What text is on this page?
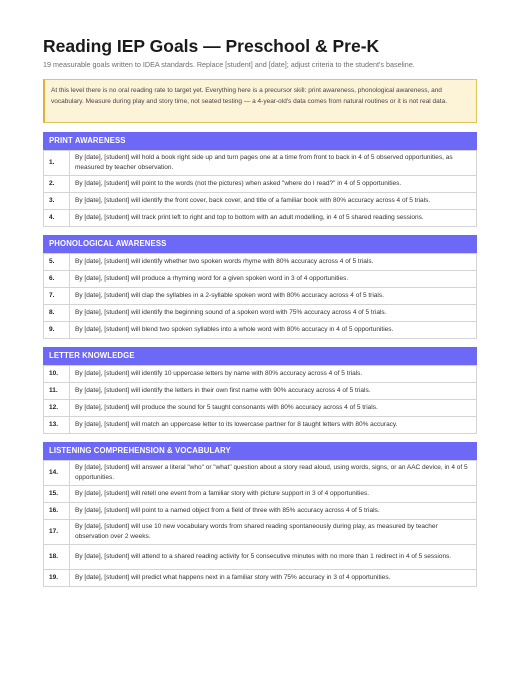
Reading IEP Goals — Preschool & Pre-K
19 measurable goals written to IDEA standards. Replace [student] and [date]; adjust criteria to the student's baseline.
At this level there is no oral reading rate to target yet. Everything here is a precursor skill: print awareness, phonological awareness, and vocabulary. Measure during play and story time, not seated testing — a 4-year-old's data comes from natural routines or it is not real data.
PRINT AWARENESS
1.	By [date], [student] will hold a book right side up and turn pages one at a time from front to back in 4 of 5 observed opportunities, as measured by teacher observation.
2.	By [date], [student] will point to the words (not the pictures) when asked "where do I read?" in 4 of 5 opportunities.
3.	By [date], [student] will identify the front cover, back cover, and title of a familiar book with 80% accuracy across 4 of 5 trials.
4.	By [date], [student] will track print left to right and top to bottom with an adult modelling, in 4 of 5 shared reading sessions.
PHONOLOGICAL AWARENESS
5.	By [date], [student] will identify whether two spoken words rhyme with 80% accuracy across 4 of 5 trials.
6.	By [date], [student] will produce a rhyming word for a given spoken word in 3 of 4 opportunities.
7.	By [date], [student] will clap the syllables in a 2-syllable spoken word with 80% accuracy across 4 of 5 trials.
8.	By [date], [student] will identify the beginning sound of a spoken word with 75% accuracy across 4 of 5 trials.
9.	By [date], [student] will blend two spoken syllables into a whole word with 80% accuracy in 4 of 5 opportunities.
LETTER KNOWLEDGE
10.	By [date], [student] will identify 10 uppercase letters by name with 80% accuracy across 4 of 5 trials.
11.	By [date], [student] will identify the letters in their own first name with 90% accuracy across 4 of 5 trials.
12.	By [date], [student] will produce the sound for 5 taught consonants with 80% accuracy across 4 of 5 trials.
13.	By [date], [student] will match an uppercase letter to its lowercase partner for 8 taught letters with 80% accuracy.
LISTENING COMPREHENSION & VOCABULARY
14.	By [date], [student] will answer a literal "who" or "what" question about a story read aloud, using words, signs, or an AAC device, in 4 of 5 opportunities.
15.	By [date], [student] will retell one event from a familiar story with picture support in 3 of 4 opportunities.
16.	By [date], [student] will point to a named object from a field of three with 85% accuracy across 4 of 5 trials.
17.	By [date], [student] will use 10 new vocabulary words from shared reading spontaneously during play, as measured by teacher observation over 2 weeks.
18.	By [date], [student] will attend to a shared reading activity for 5 consecutive minutes with no more than 1 redirect in 4 of 5 sessions.
19.	By [date], [student] will predict what happens next in a familiar story with 75% accuracy in 3 of 4 opportunities.
